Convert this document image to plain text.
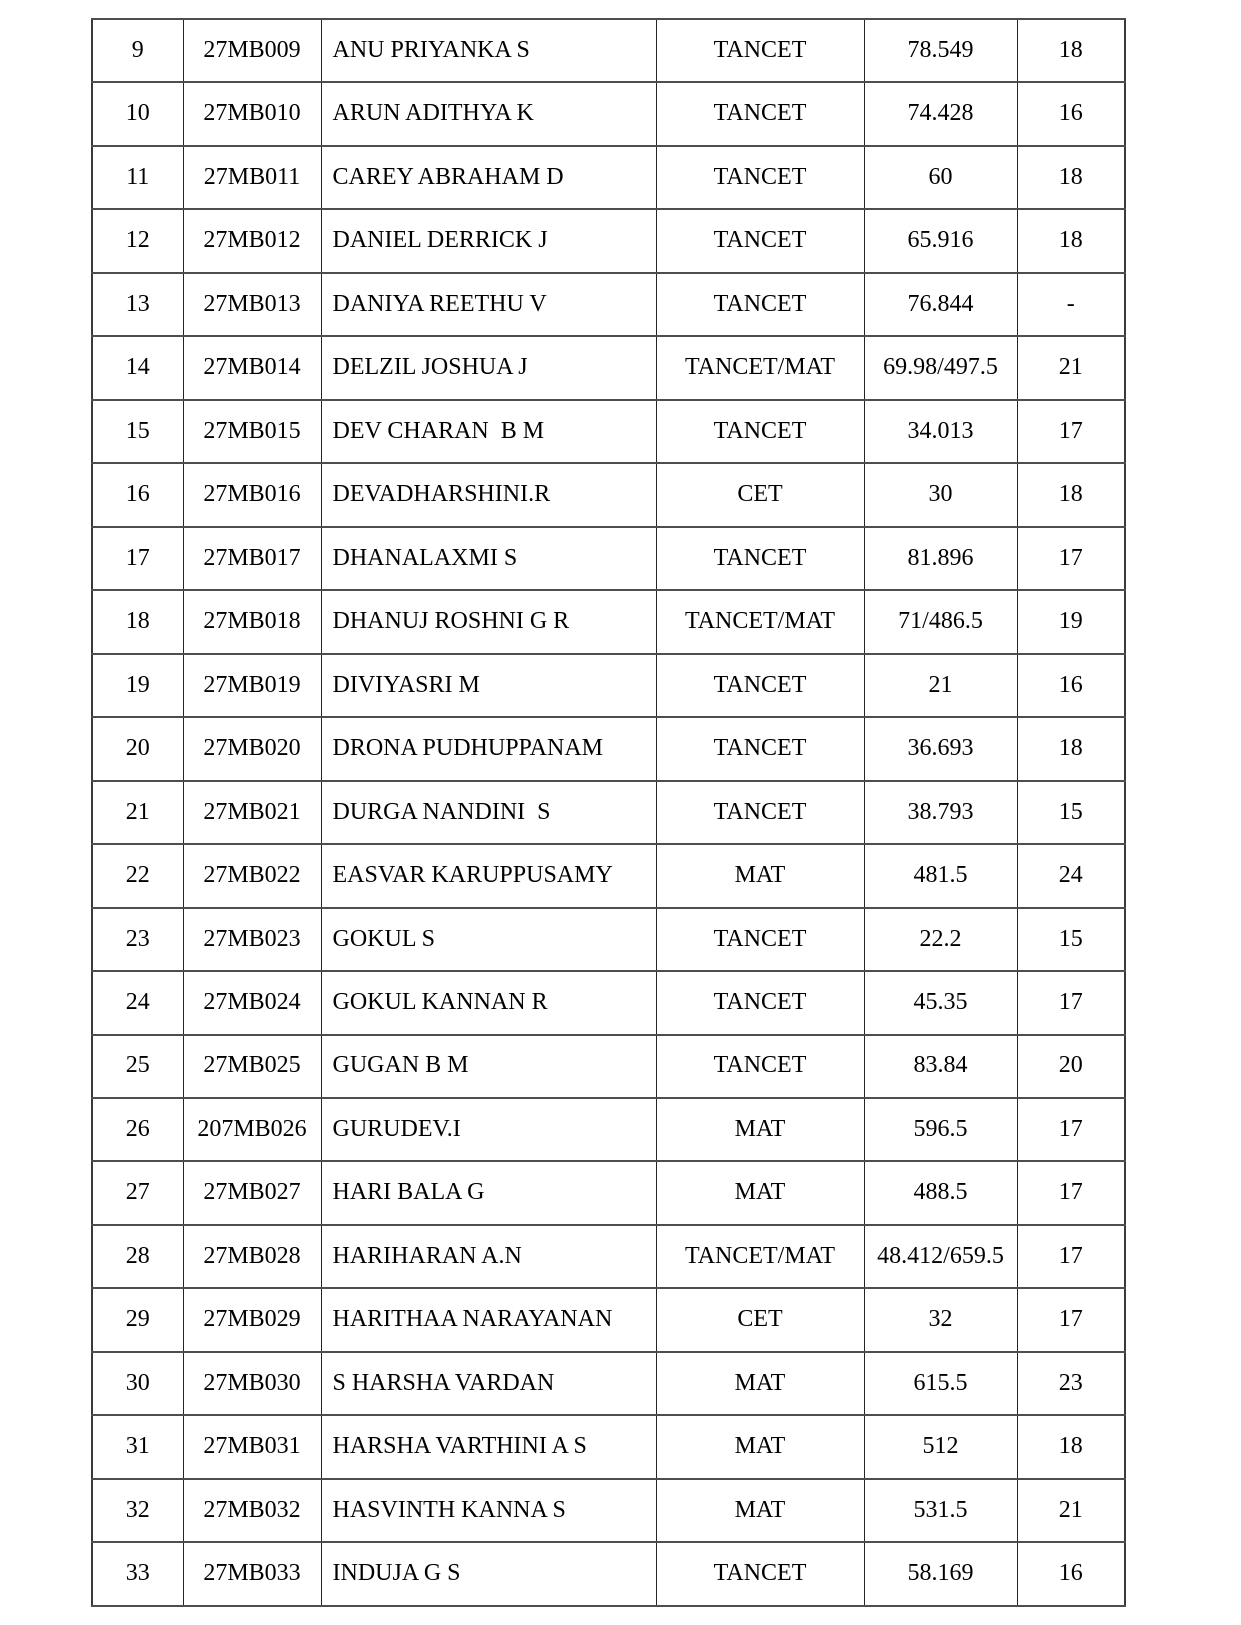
9	27MB009	ANU PRIYANKA S	TANCET	78.549	18
10	27MB010	ARUN ADITHYA K	TANCET	74.428	16
11	27MB011	CAREY ABRAHAM D	TANCET	60	18
12	27MB012	DANIEL DERRICK J	TANCET	65.916	18
13	27MB013	DANIYA REETHU V	TANCET	76.844	-
14	27MB014	DELZIL JOSHUA J	TANCET/MAT	69.98/497.5	21
15	27MB015	DEV CHARAN  B M	TANCET	34.013	17
16	27MB016	DEVADHARSHINI.R	CET	30	18
17	27MB017	DHANALAXMI S	TANCET	81.896	17
18	27MB018	DHANUJ ROSHNI G R	TANCET/MAT	71/486.5	19
19	27MB019	DIVIYASRI M	TANCET	21	16
20	27MB020	DRONA PUDHUPPANAM	TANCET	36.693	18
21	27MB021	DURGA NANDINI  S	TANCET	38.793	15
22	27MB022	EASVAR KARUPPUSAMY	MAT	481.5	24
23	27MB023	GOKUL S	TANCET	22.2	15
24	27MB024	GOKUL KANNAN R	TANCET	45.35	17
25	27MB025	GUGAN B M	TANCET	83.84	20
26	207MB026	GURUDEV.I	MAT	596.5	17
27	27MB027	HARI BALA G	MAT	488.5	17
28	27MB028	HARIHARAN A.N	TANCET/MAT	48.412/659.5	17
29	27MB029	HARITHAA NARAYANAN	CET	32	17
30	27MB030	S HARSHA VARDAN	MAT	615.5	23
31	27MB031	HARSHA VARTHINI A S	MAT	512	18
32	27MB032	HASVINTH KANNA S	MAT	531.5	21
33	27MB033	INDUJA G S	TANCET	58.169	16
